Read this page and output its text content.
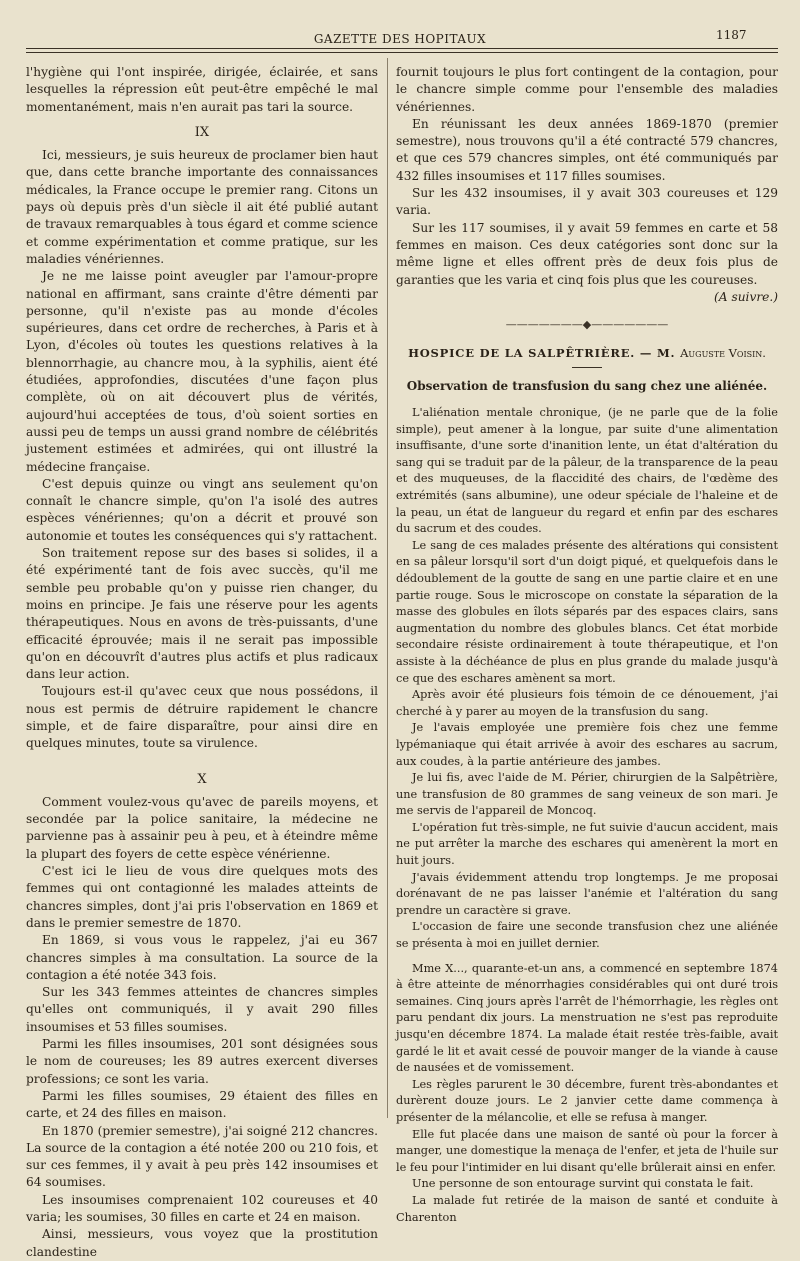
GAZETTE DES HOPITAUX	1187

l'hygiène qui l'ont inspirée, dirigée, éclairée, et sans lesquelles la répression eût peut-être empêché le mal momentanément, mais n'en aurait pas tari la source.

IX

Ici, messieurs, je suis heureux de proclamer bien haut que, dans cette branche importante des connaissances médicales, la France occupe le premier rang. Citons un pays où depuis près d'un siècle il ait été publié autant de travaux remarquables à tous égard et comme science et comme expérimentation et comme pratique, sur les maladies vénériennes.

Je ne me laisse point aveugler par l'amour-propre national en affirmant, sans crainte d'être démenti par personne, qu'il n'existe pas au monde d'écoles supérieures, dans cet ordre de recherches, à Paris et à Lyon, d'écoles où toutes les questions relatives à la blennorrhagie, au chancre mou, à la syphilis, aient été étudiées, approfondies, discutées d'une façon plus complète, où on ait découvert plus de vérités, aujourd'hui acceptées de tous, d'où soient sorties en aussi peu de temps un aussi grand nombre de célébrités justement estimées et admirées, qui ont illustré la médecine française.

C'est depuis quinze ou vingt ans seulement qu'on connaît le chancre simple, qu'on l'a isolé des autres espèces vénériennes; qu'on a décrit et prouvé son autonomie et toutes les conséquences qui s'y rattachent.

Son traitement repose sur des bases si solides, il a été expérimenté tant de fois avec succès, qu'il me semble peu probable qu'on y puisse rien changer, du moins en principe. Je fais une réserve pour les agents thérapeutiques. Nous en avons de très-puissants, d'une efficacité éprouvée; mais il ne serait pas impossible qu'on en découvrît d'autres plus actifs et plus radicaux dans leur action.

Toujours est-il qu'avec ceux que nous possédons, il nous est permis de détruire rapidement le chancre simple, et de faire disparaître, pour ainsi dire en quelques minutes, toute sa virulence.

X

Comment voulez-vous qu'avec de pareils moyens, et secondée par la police sanitaire, la médecine ne parvienne pas à assainir peu à peu, et à éteindre même la plupart des foyers de cette espèce vénérienne.

C'est ici le lieu de vous dire quelques mots des femmes qui ont contagionné les malades atteints de chancres simples, dont j'ai pris l'observation en 1869 et dans le premier semestre de 1870.

En 1869, si vous vous le rappelez, j'ai eu 367 chancres simples à ma consultation. La source de la contagion a été notée 343 fois.

Sur les 343 femmes atteintes de chancres simples qu'elles ont communiqués, il y avait 290 filles insoumises et 53 filles soumises.

Parmi les filles insoumises, 201 sont désignées sous le nom de coureuses; les 89 autres exercent diverses professions; ce sont les varia.

Parmi les filles soumises, 29 étaient des filles en carte, et 24 des filles en maison.

En 1870 (premier semestre), j'ai soigné 212 chancres. La source de la contagion a été notée 200 ou 210 fois, et sur ces femmes, il y avait à peu près 142 insoumises et 64 soumises.

Les insoumises comprenaient 102 coureuses et 40 varia; les soumises, 30 filles en carte et 24 en maison.

Ainsi, messieurs, vous voyez que la prostitution clandestine

fournit toujours le plus fort contingent de la contagion, pour le chancre simple comme pour l'ensemble des maladies vénériennes.

En réunissant les deux années 1869-1870 (premier semestre), nous trouvons qu'il a été contracté 579 chancres, et que ces 579 chancres simples, ont été communiqués par 432 filles insoumises et 117 filles soumises.

Sur les 432 insoumises, il y avait 303 coureuses et 129 varia.

Sur les 117 soumises, il y avait 59 femmes en carte et 58 femmes en maison. Ces deux catégories sont donc sur la même ligne et elles offrent près de deux fois plus de garanties que les varia et cinq fois plus que les coureuses.

(A suivre.)
———————◆———————
HOSPICE DE LA SALPÊTRIÈRE. — M. Auguste Voisin.
Observation de transfusion du sang chez une aliénée.

L'aliénation mentale chronique, (je ne parle que de la folie simple), peut amener à la longue, par suite d'une alimentation insuffisante, d'une sorte d'inanition lente, un état d'altération du sang qui se traduit par de la pâleur, de la transparence de la peau et des muqueuses, de la flaccidité des chairs, de l'œdème des extrémités (sans albumine), une odeur spéciale de l'haleine et de la peau, un état de langueur du regard et enfin par des eschares du sacrum et des coudes.

Le sang de ces malades présente des altérations qui consistent en sa pâleur lorsqu'il sort d'un doigt piqué, et quelquefois dans le dédoublement de la goutte de sang en une partie claire et en une partie rouge. Sous le microscope on constate la séparation de la masse des globules en îlots séparés par des espaces clairs, sans augmentation du nombre des globules blancs. Cet état morbide secondaire résiste ordinairement à toute thérapeutique, et l'on assiste à la déchéance de plus en plus grande du malade jusqu'à ce que des eschares amènent sa mort.

Après avoir été plusieurs fois témoin de ce dénouement, j'ai cherché à y parer au moyen de la transfusion du sang.

Je l'avais employée une première fois chez une femme lypémaniaque qui était arrivée à avoir des eschares au sacrum, aux coudes, à la partie antérieure des jambes.

Je lui fis, avec l'aide de M. Périer, chirurgien de la Salpêtrière, une transfusion de 80 grammes de sang veineux de son mari. Je me servis de l'appareil de Moncoq.

L'opération fut très-simple, ne fut suivie d'aucun accident, mais ne put arrêter la marche des eschares qui amenèrent la mort en huit jours.

J'avais évidemment attendu trop longtemps. Je me proposai dorénavant de ne pas laisser l'anémie et l'altération du sang prendre un caractère si grave.

L'occasion de faire une seconde transfusion chez une aliénée se présenta à moi en juillet dernier.

Mme X..., quarante-et-un ans, a commencé en septembre 1874 à être atteinte de ménorrhagies considérables qui ont duré trois semaines. Cinq jours après l'arrêt de l'hémorrhagie, les règles ont paru pendant dix jours. La menstruation ne s'est pas reproduite jusqu'en décembre 1874. La malade était restée très-faible, avait gardé le lit et avait cessé de pouvoir manger de la viande à cause de nausées et de vomissement.

Les règles parurent le 30 décembre, furent très-abondantes et durèrent douze jours. Le 2 janvier cette dame commença à présenter de la mélancolie, et elle se refusa à manger.

Elle fut placée dans une maison de santé où pour la forcer à manger, une domestique la menaça de l'enfer, et jeta de l'huile sur le feu pour l'intimider en lui disant qu'elle brûlerait ainsi en enfer.

Une personne de son entourage survint qui constata le fait.

La malade fut retirée de la maison de santé et conduite à Charenton
